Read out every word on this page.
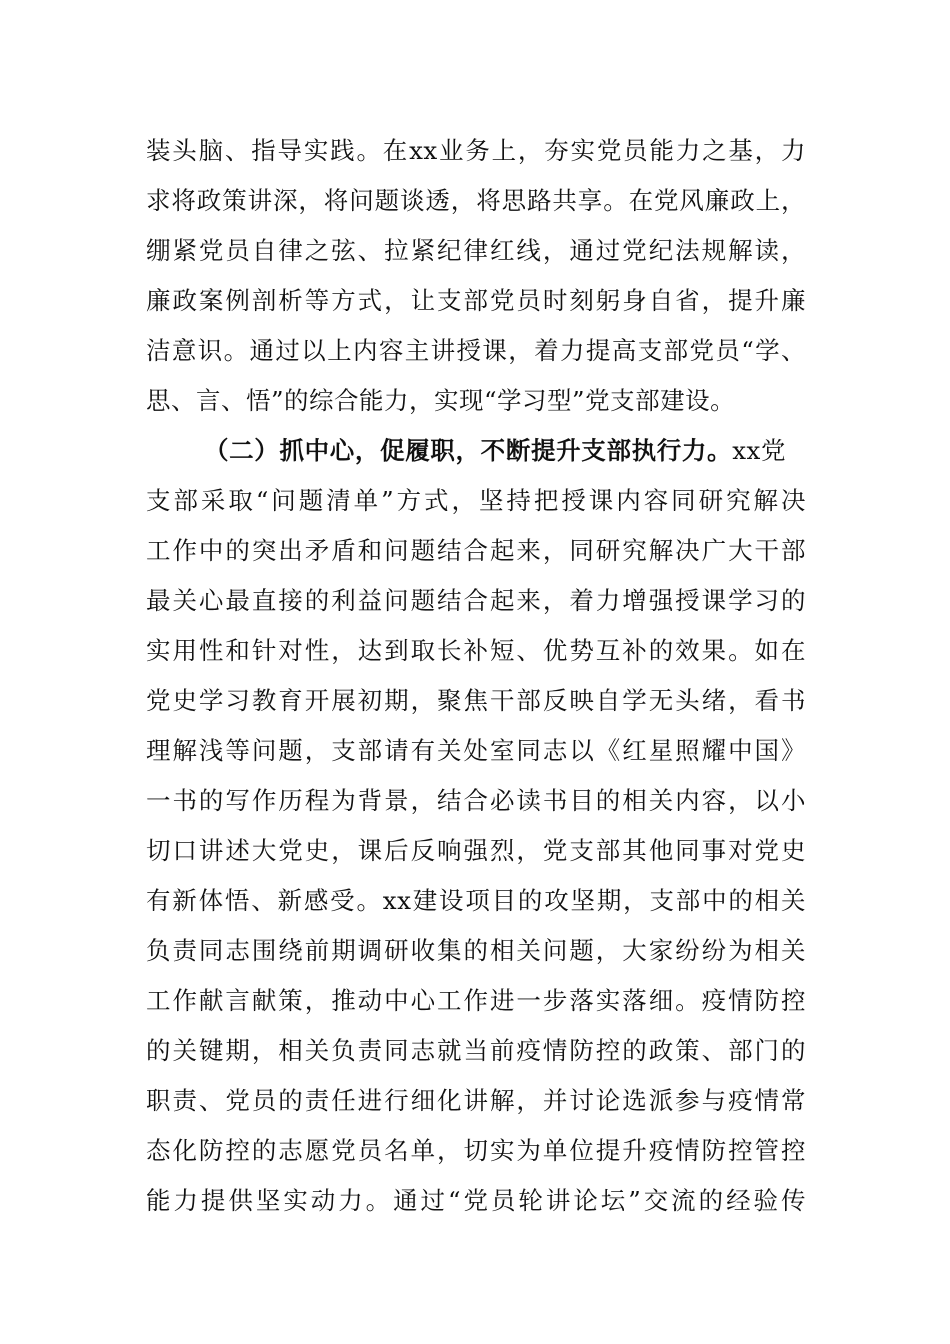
装头脑、指导实践。在xx业务上，夯实党员能力之基，力
求将政策讲深，将问题谈透，将思路共享。在党风廉政上，
绷紧党员自律之弦、拉紧纪律红线，通过党纪法规解读，
廉政案例剖析等方式，让支部党员时刻躬身自省，提升廉
洁意识。通过以上内容主讲授课，着力提高支部党员“学、
思、言、悟”的综合能力，实现“学习型”党支部建设。
（二）抓中心，促履职，不断提升支部执行力。xx党
支部采取“问题清单”方式，坚持把授课内容同研究解决
工作中的突出矛盾和问题结合起来，同研究解决广大干部
最关心最直接的利益问题结合起来，着力增强授课学习的
实用性和针对性，达到取长补短、优势互补的效果。如在
党史学习教育开展初期，聚焦干部反映自学无头绪，看书
理解浅等问题，支部请有关处室同志以《红星照耀中国》
一书的写作历程为背景，结合必读书目的相关内容，以小
切口讲述大党史，课后反响强烈，党支部其他同事对党史
有新体悟、新感受。xx建设项目的攻坚期，支部中的相关
负责同志围绕前期调研收集的相关问题，大家纷纷为相关
工作献言献策，推动中心工作进一步落实落细。疫情防控
的关键期，相关负责同志就当前疫情防控的政策、部门的
职责、党员的责任进行细化讲解，并讨论选派参与疫情常
态化防控的志愿党员名单，切实为单位提升疫情防控管控
能力提供坚实动力。通过“党员轮讲论坛”交流的经验传
